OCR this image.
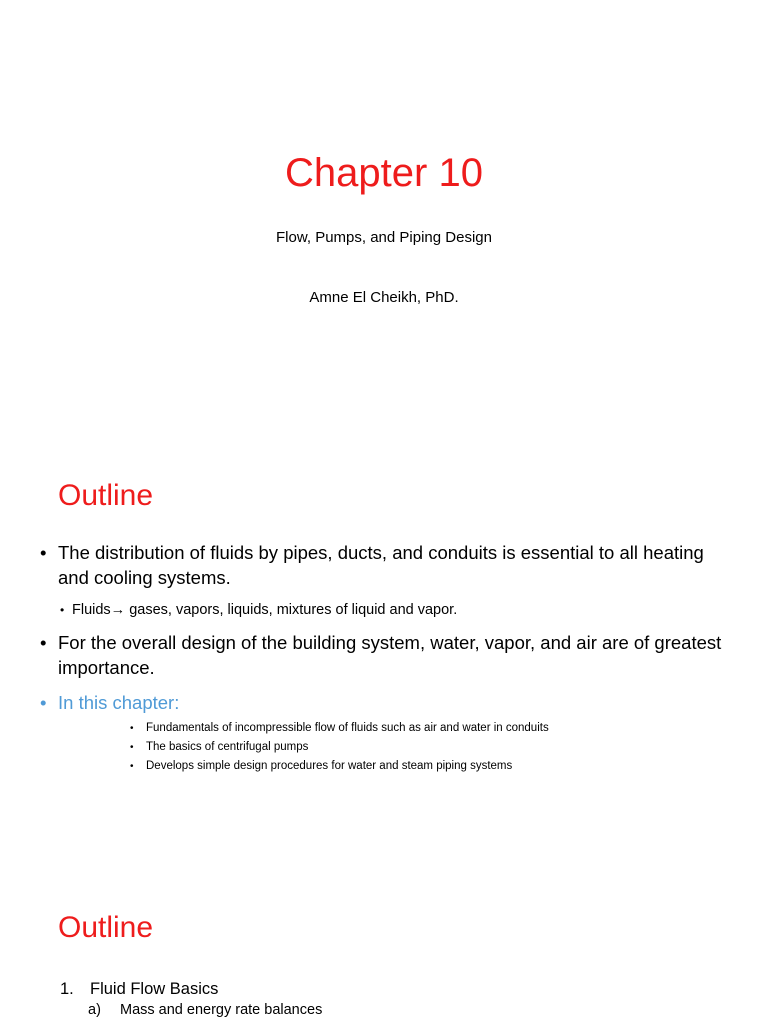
Chapter 10
Flow, Pumps, and Piping Design
Amne El Cheikh, PhD.
Outline
• The distribution of fluids by pipes, ducts, and conduits is essential to all heating and cooling systems.
• Fluids→ gases, vapors, liquids, mixtures of liquid and vapor.
• For the overall design of the building system, water, vapor, and air are of greatest importance.
• In this chapter:
• Fundamentals of incompressible flow of fluids such as air and water in conduits
• The basics of centrifugal pumps
• Develops simple design procedures for water and steam piping systems
Outline
1. Fluid Flow Basics
a) Mass and energy rate balances
